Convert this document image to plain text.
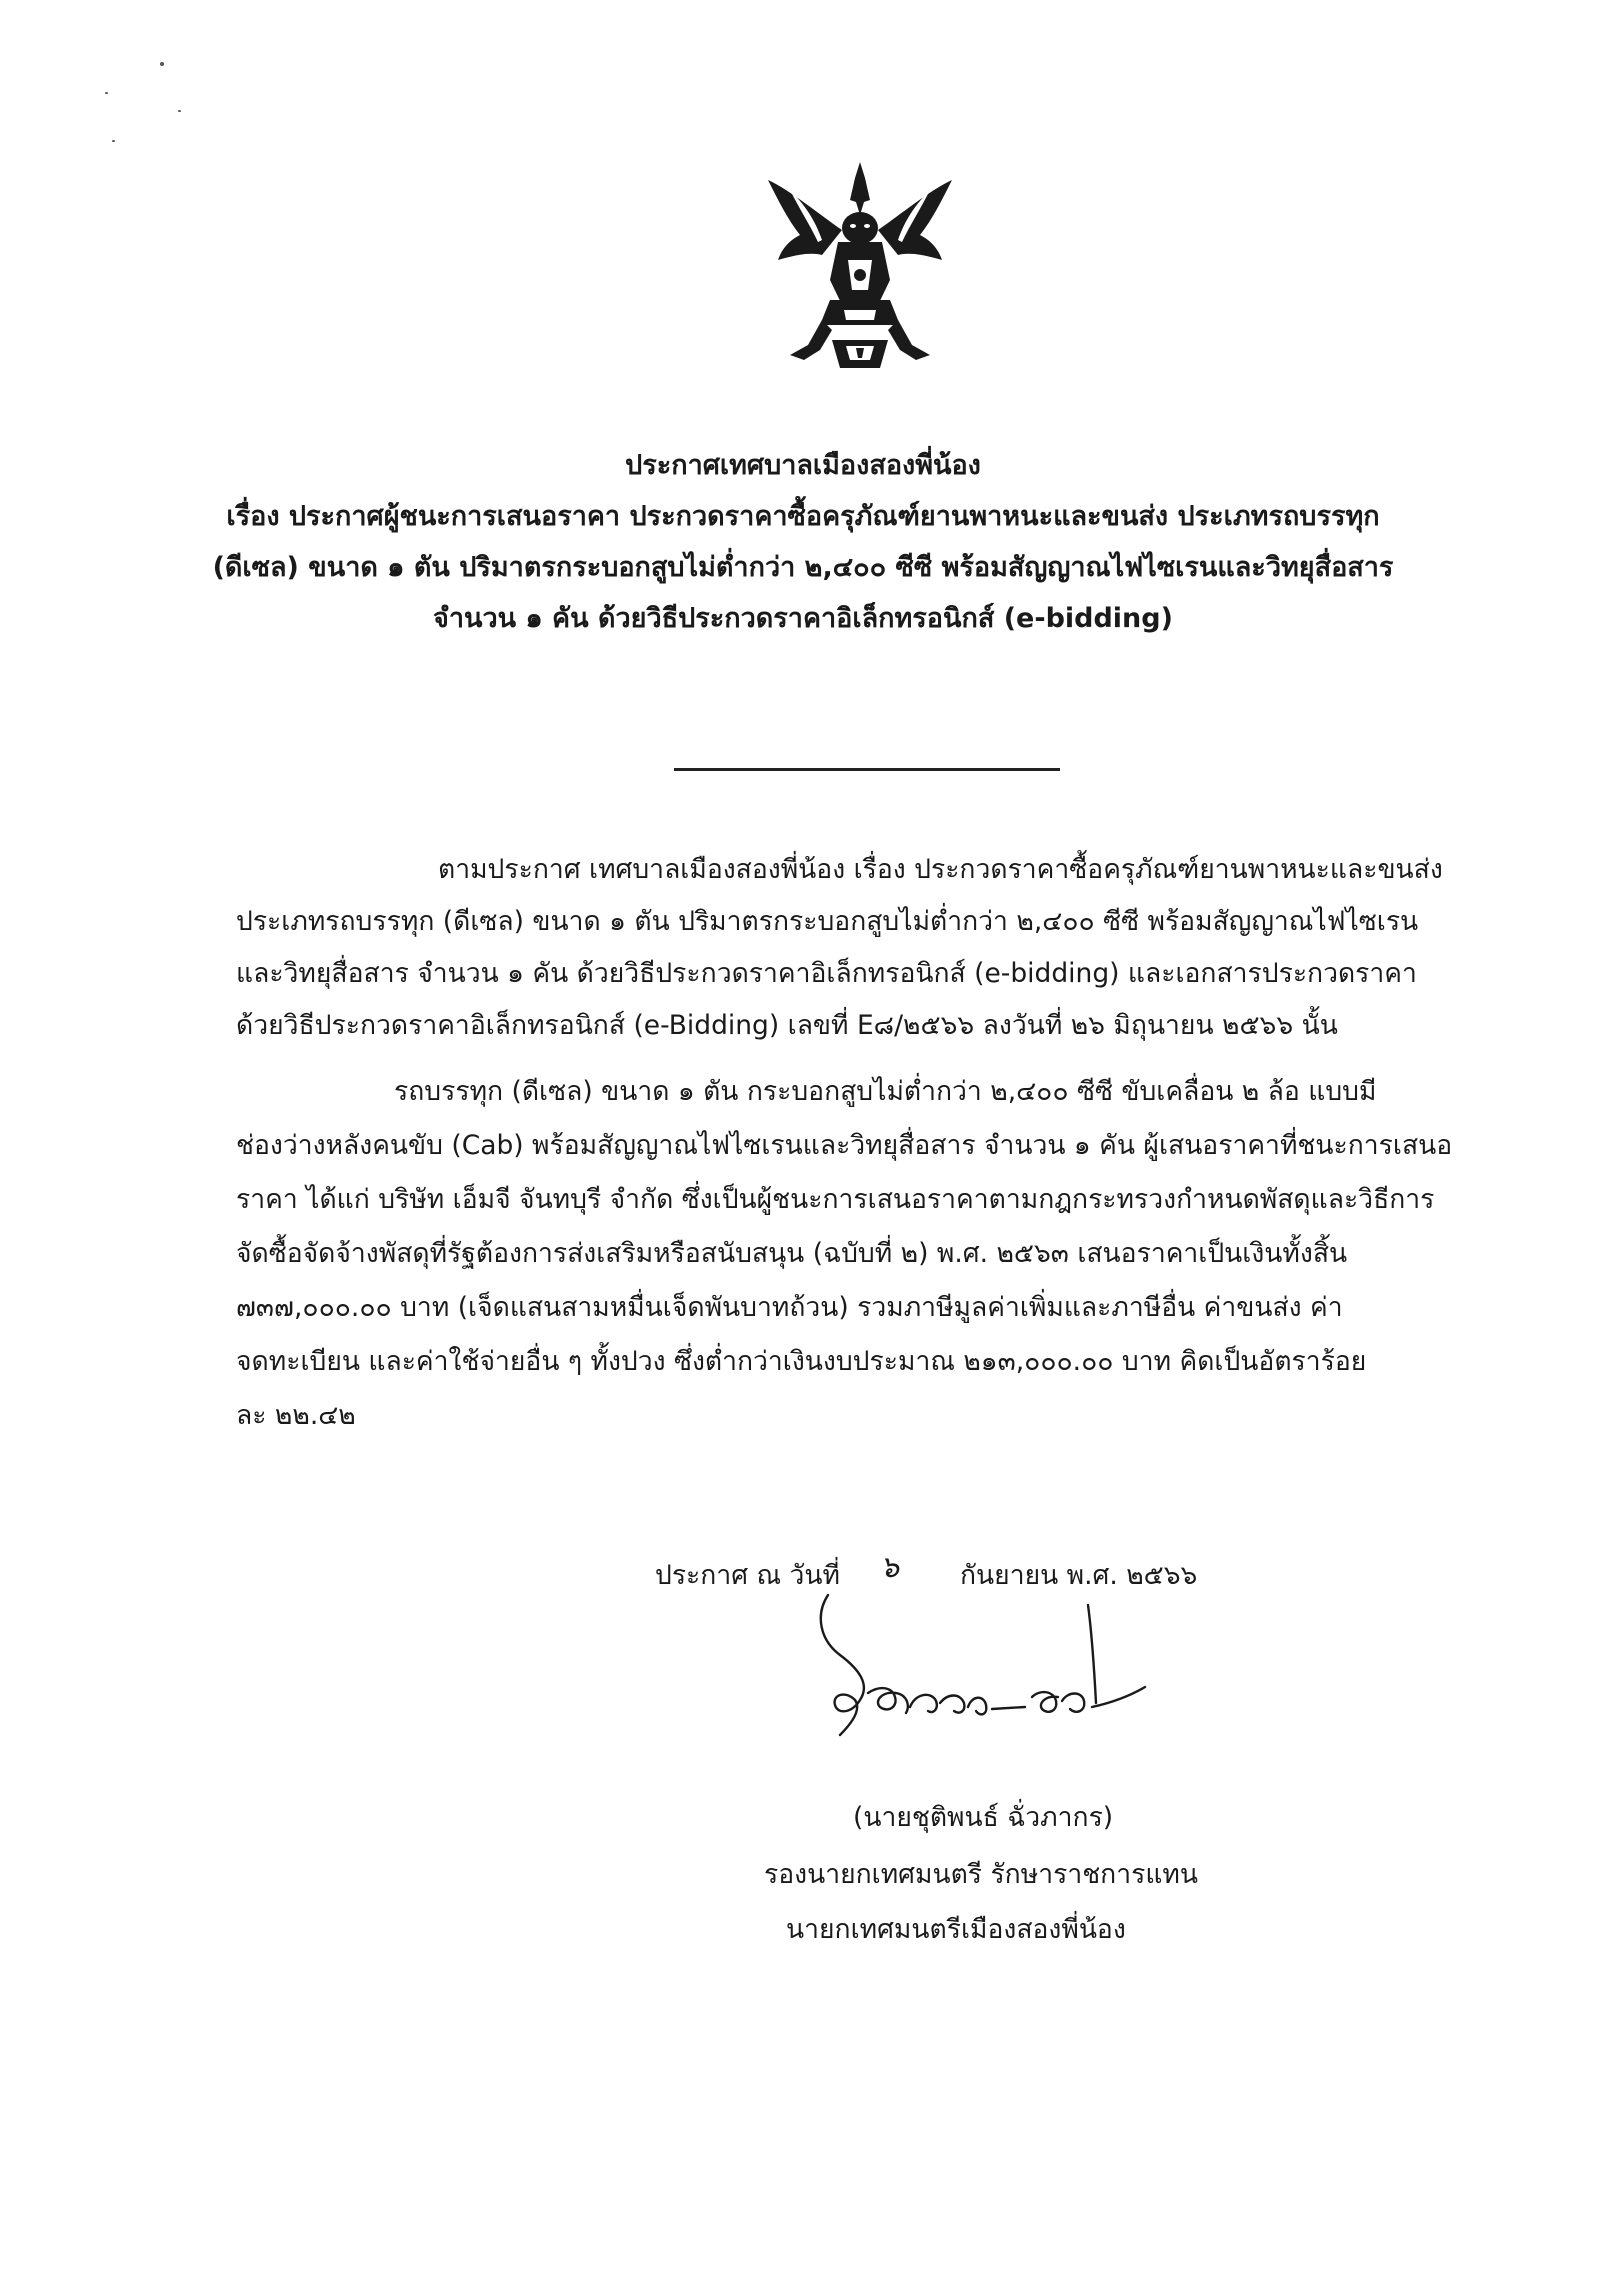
ประกาศเทศบาลเมืองสองพี่น้อง
เรื่อง ประกาศผู้ชนะการเสนอราคา ประกวดราคาซื้อครุภัณฑ์ยานพาหนะและขนส่ง ประเภทรถบรรทุก
(ดีเซล) ขนาด ๑ ตัน ปริมาตรกระบอกสูบไม่ต่ำกว่า ๒,๔๐๐ ซีซี พร้อมสัญญาณไฟไซเรนและวิทยุสื่อสาร
จำนวน ๑ คัน ด้วยวิธีประกวดราคาอิเล็กทรอนิกส์ (e-bidding)
ตามประกาศ เทศบาลเมืองสองพี่น้อง เรื่อง ประกวดราคาซื้อครุภัณฑ์ยานพาหนะและขนส่ง
ประเภทรถบรรทุก (ดีเซล) ขนาด ๑ ตัน ปริมาตรกระบอกสูบไม่ต่ำกว่า ๒,๔๐๐ ซีซี พร้อมสัญญาณไฟไซเรน
และวิทยุสื่อสาร จำนวน ๑ คัน ด้วยวิธีประกวดราคาอิเล็กทรอนิกส์ (e-bidding) และเอกสารประกวดราคา
ด้วยวิธีประกวดราคาอิเล็กทรอนิกส์ (e-Bidding) เลขที่ E๘/๒๕๖๖ ลงวันที่ ๒๖ มิถุนายน ๒๕๖๖ นั้น
รถบรรทุก (ดีเซล) ขนาด ๑ ตัน กระบอกสูบไม่ต่ำกว่า ๒,๔๐๐ ซีซี ขับเคลื่อน ๒ ล้อ แบบมี
ช่องว่างหลังคนขับ (Cab) พร้อมสัญญาณไฟไซเรนและวิทยุสื่อสาร จำนวน ๑ คัน ผู้เสนอราคาที่ชนะการเสนอ
ราคา ได้แก่ บริษัท เอ็มจี จันทบุรี จำกัด ซึ่งเป็นผู้ชนะการเสนอราคาตามกฎกระทรวงกำหนดพัสดุและวิธีการ
จัดซื้อจัดจ้างพัสดุที่รัฐต้องการส่งเสริมหรือสนับสนุน (ฉบับที่ ๒) พ.ศ. ๒๕๖๓ เสนอราคาเป็นเงินทั้งสิ้น
๗๓๗,๐๐๐.๐๐ บาท (เจ็ดแสนสามหมื่นเจ็ดพันบาทถ้วน) รวมภาษีมูลค่าเพิ่มและภาษีอื่น ค่าขนส่ง ค่า
จดทะเบียน และค่าใช้จ่ายอื่น ๆ ทั้งปวง ซึ่งต่ำกว่าเงินงบประมาณ ๒๑๓,๐๐๐.๐๐ บาท คิดเป็นอัตราร้อย
ละ ๒๒.๔๒
ประกาศ ณ วันที่ ๖ กันยายน พ.ศ. ๒๕๖๖
(นายชุติพนธ์ ฉั่วภากร)
รองนายกเทศมนตรี รักษาราชการแทน
นายกเทศมนตรีเมืองสองพี่น้อง
